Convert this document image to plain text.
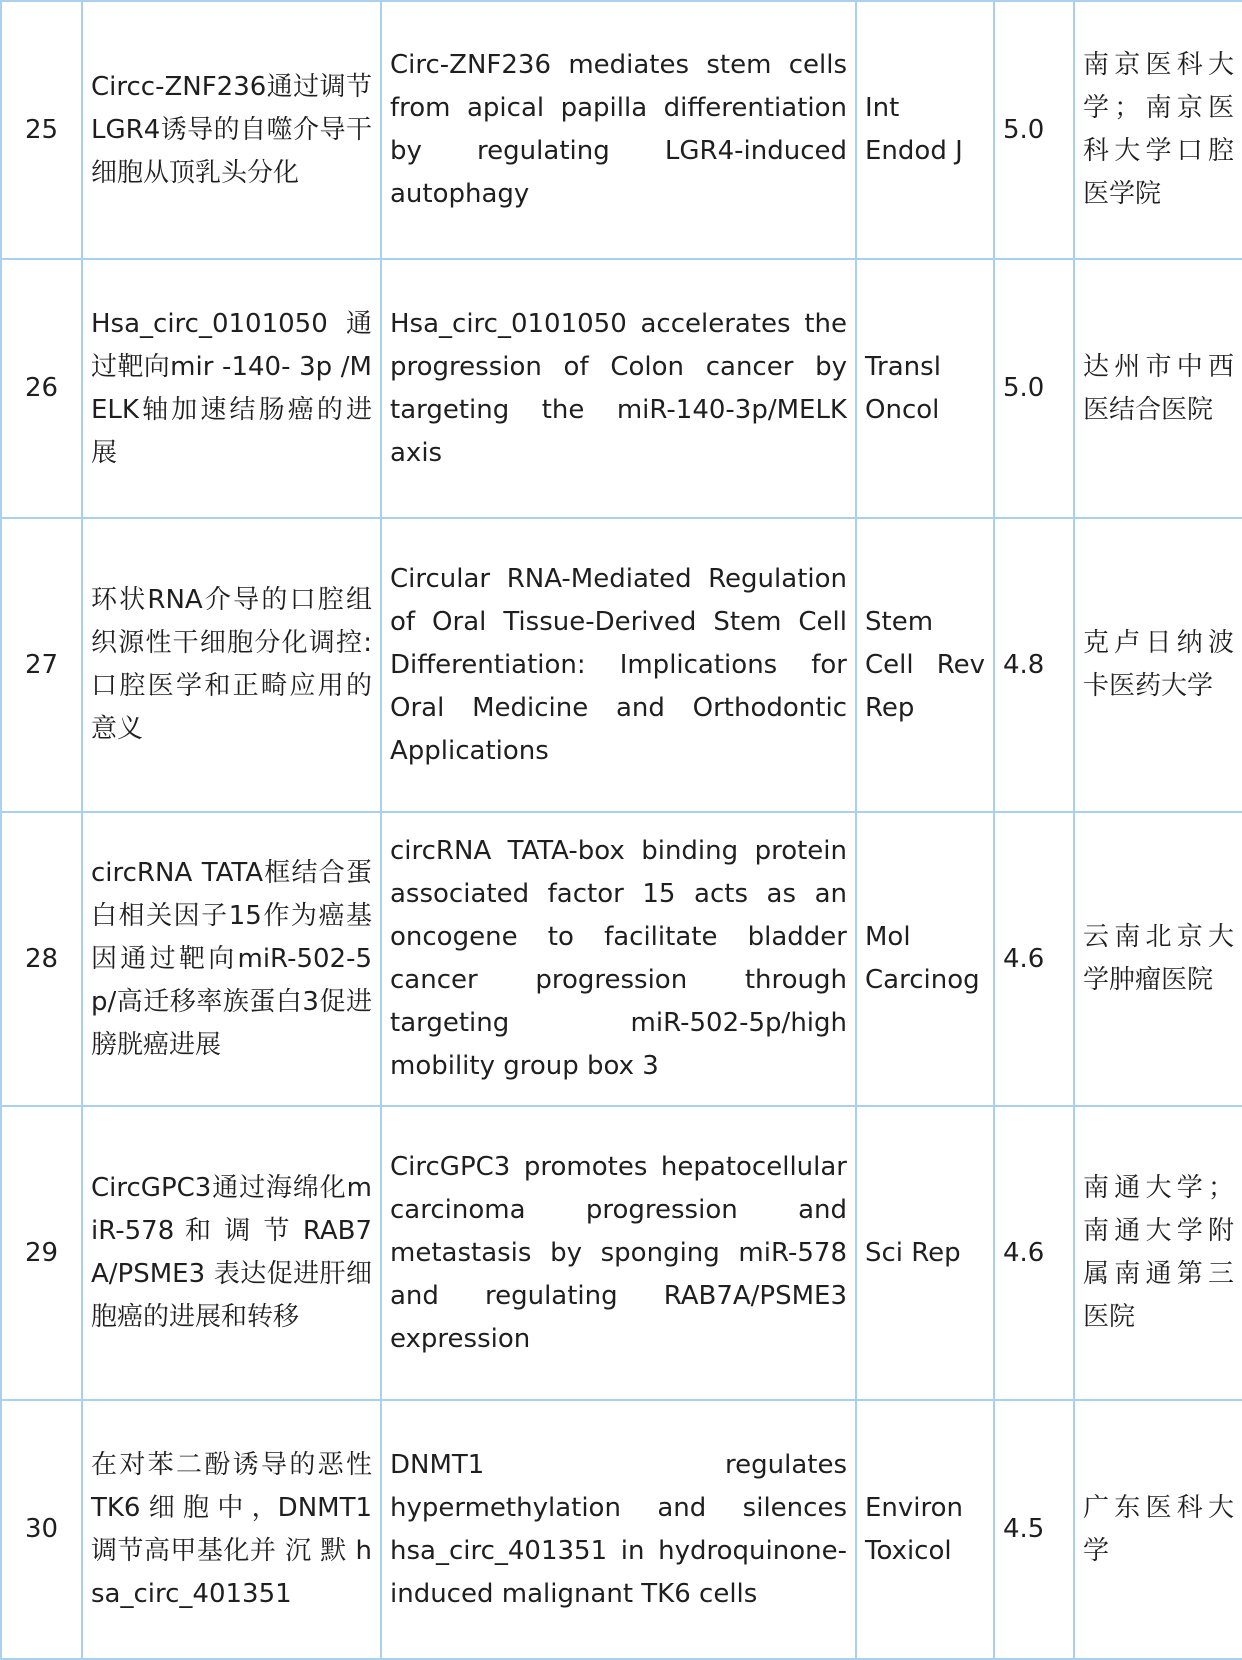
25	Circc-ZNF236通过调节LGR4诱导的自噬介导干细胞从顶乳头分化	Circ-ZNF236 mediates stem cells from apical papilla differentiation by regulating LGR4-induced autophagy	Int Endod J	5.0	南京医科大学；南京医科大学口腔医学院
26	Hsa_circ_0101050通过靶向mir -140- 3p /MELK轴加速结肠癌的进展	Hsa_circ_0101050 accelerates the progression of Colon cancer by targeting the miR-140-3p/MELK axis	Transl Oncol	5.0	达州市中西医结合医院
27	环状RNA介导的口腔组织源性干细胞分化调控:口腔医学和正畸应用的意义	Circular RNA-Mediated Regulation of Oral Tissue-Derived Stem Cell Differentiation: Implications for Oral Medicine and Orthodontic Applications	Stem Cell Rev Rep	4.8	克卢日纳波卡医药大学
28	circRNA TATA框结合蛋白相关因子15作为癌基因通过靶向miR-502-5p/高迁移率族蛋白3促进膀胱癌进展	circRNA TATA-box binding protein associated factor 15 acts as an oncogene to facilitate bladder cancer progression through targeting miR-502-5p/high mobility group box 3	Mol Carcinog	4.6	云南北京大学肿瘤医院
29	CircGPC3通过海绵化miR-578 和 调 节 RAB7A/PSME3 表达促进肝细胞癌的进展和转移	CircGPC3 promotes hepatocellular carcinoma progression and metastasis by sponging miR-578 and regulating RAB7A/PSME3 expression	Sci Rep	4.6	南通大学；南通大学附属南通第三医院
30	在对苯二酚诱导的恶性 TK6 细 胞 中 ，DNMT1调节高甲基化并 沉 默 hsa_circ_401351	DNMT1 regulates hypermethylation and silences hsa_circ_401351 in hydroquinone-induced malignant TK6 cells	Environ Toxicol	4.5	广东医科大学
